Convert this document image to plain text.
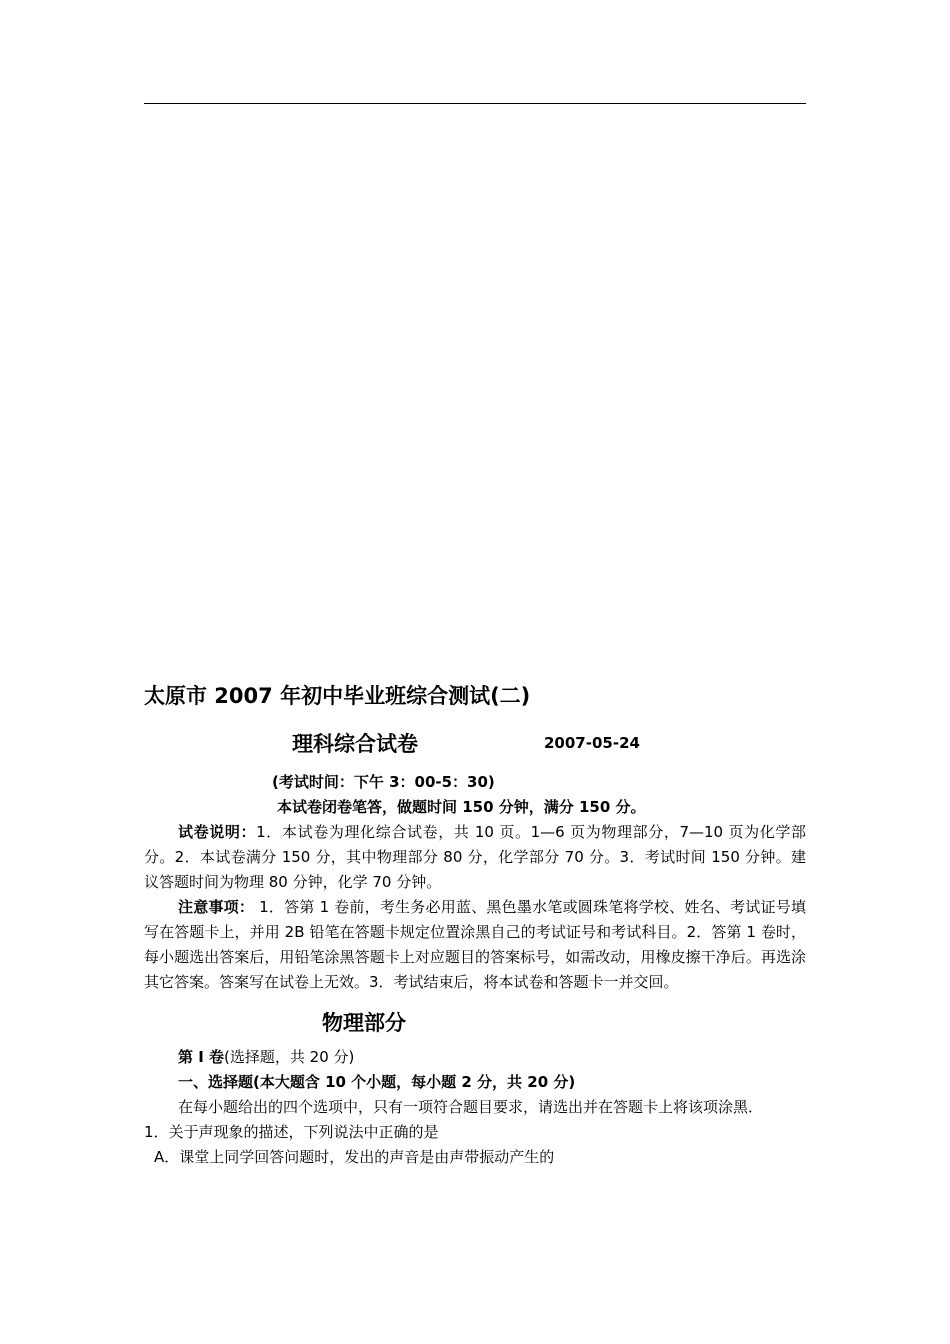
太原市 2007 年初中毕业班综合测试(二)
理科综合试卷	2007-05-24
(考试时间：下午 3：00-5：30)
本试卷闭卷笔答，做题时间 150 分钟，满分 150 分。

试卷说明：1．本试卷为理化综合试卷，共 10 页。1—6 页为物理部分，7—10 页为化学部分。2．本试卷满分 150 分，其中物理部分 80 分，化学部分 70 分。3．考试时间 150 分钟。建议答题时间为物理 80 分钟，化学 70 分钟。

注意事项： 1．答第 1 卷前，考生务必用蓝、黑色墨水笔或圆珠笔将学校、姓名、考试证号填写在答题卡上，并用 2B 铅笔在答题卡规定位置涂黑自己的考试证号和考试科目。2．答第 1 卷时，每小题选出答案后，用铅笔涂黑答题卡上对应题目的答案标号，如需改动，用橡皮擦干净后。再选涂其它答案。答案写在试卷上无效。3．考试结束后，将本试卷和答题卡一并交回。

物理部分
第 I 卷(选择题，共 20 分)
一、选择题(本大题含 10 个小题，每小题 2 分，共 20 分)

在每小题给出的四个选项中，只有一项符合题目要求，请选出并在答题卡上将该项涂黑．

1．关于声现象的描述，下列说法中正确的是
A．课堂上同学回答问题时，发出的声音是由声带振动产生的
